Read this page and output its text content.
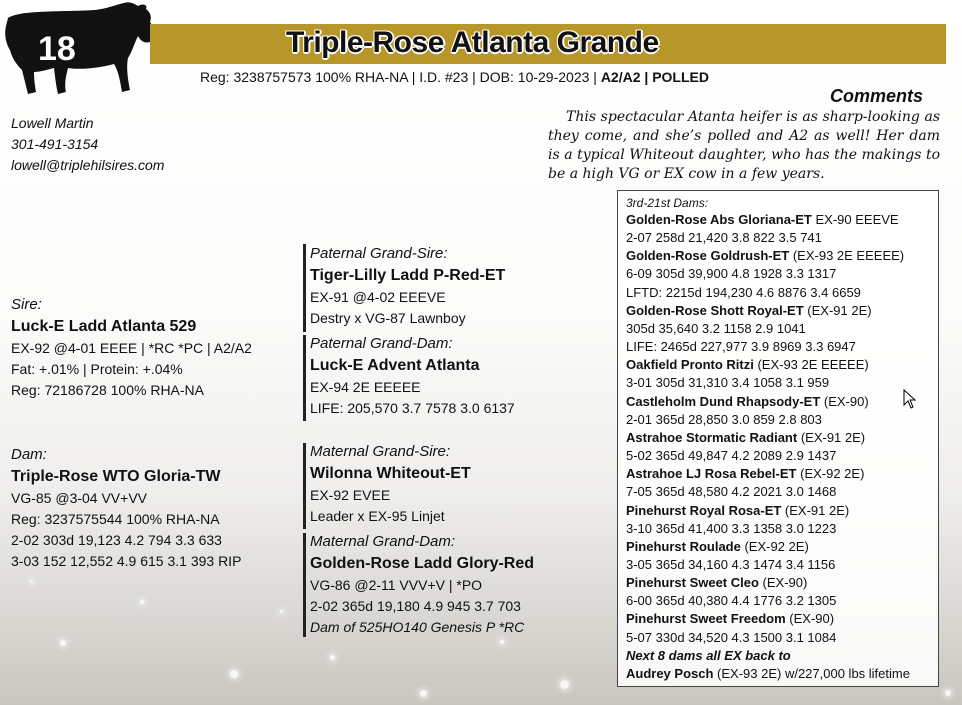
18	Triple-Rose Atlanta Grande
Reg: 3238757573 100% RHA-NA | I.D. #23 | DOB: 10-29-2023 | A2/A2 | POLLED
Lowell Martin
301-491-3154
lowell@triplehilsires.com
Comments
This spectacular Atanta heifer is as sharp-looking as they come, and she’s polled and A2 as well! Her dam is a typical Whiteout daughter, who has the makings to be a high VG or EX cow in a few years.
Sire:
Luck-E Ladd Atlanta 529
EX-92 @4-01 EEEE | *RC *PC | A2/A2
Fat: +.01% | Protein: +.04%
Reg: 72186728 100% RHA-NA
Dam:
Triple-Rose WTO Gloria-TW
VG-85 @3-04 VV+VV
Reg: 3237575544 100% RHA-NA
2-02 303d 19,123 4.2 794 3.3 633
3-03 152 12,552 4.9 615 3.1 393 RIP
Paternal Grand-Sire:
Tiger-Lilly Ladd P-Red-ET
EX-91 @4-02 EEEVE
Destry x VG-87 Lawnboy
Paternal Grand-Dam:
Luck-E Advent Atlanta
EX-94 2E EEEEE
LIFE: 205,570 3.7 7578 3.0 6137
Maternal Grand-Sire:
Wilonna Whiteout-ET
EX-92 EVEE
Leader x EX-95 Linjet
Maternal Grand-Dam:
Golden-Rose Ladd Glory-Red
VG-86 @2-11 VVV+V | *PO
2-02 365d 19,180 4.9 945 3.7 703
Dam of 525HO140 Genesis P *RC
3rd-21st Dams:
Golden-Rose Abs Gloriana-ET EX-90 EEEVE
2-07 258d 21,420 3.8 822 3.5 741
Golden-Rose Goldrush-ET (EX-93 2E EEEEE)
6-09 305d 39,900 4.8 1928 3.3 1317
LFTD: 2215d 194,230 4.6 8876 3.4 6659
Golden-Rose Shott Royal-ET (EX-91 2E)
305d 35,640 3.2 1158 2.9 1041
LIFE: 2465d 227,977 3.9 8969 3.3 6947
Oakfield Pronto Ritzi (EX-93 2E EEEEE)
3-01 305d 31,310 3.4 1058 3.1 959
Castleholm Dund Rhapsody-ET (EX-90)
2-01 365d 28,850 3.0 859 2.8 803
Astrahoe Stormatic Radiant (EX-91 2E)
5-02 365d 49,847 4.2 2089 2.9 1437
Astrahoe LJ Rosa Rebel-ET (EX-92 2E)
7-05 365d 48,580 4.2 2021 3.0 1468
Pinehurst Royal Rosa-ET (EX-91 2E)
3-10 365d 41,400 3.3 1358 3.0 1223
Pinehurst Roulade (EX-92 2E)
3-05 365d 34,160 4.3 1474 3.4 1156
Pinehurst Sweet Cleo (EX-90)
6-00 365d 40,380 4.4 1776 3.2 1305
Pinehurst Sweet Freedom (EX-90)
5-07 330d 34,520 4.3 1500 3.1 1084
Next 8 dams all EX back to
Audrey Posch (EX-93 2E) w/227,000 lbs lifetime
